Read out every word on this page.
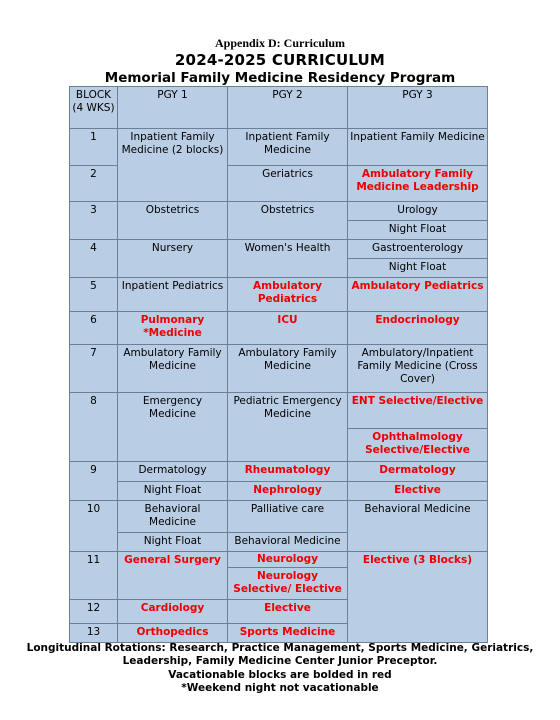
Appendix D: Curriculum
2024-2025 CURRICULUM
Memorial Family Medicine Residency Program
BLOCK (4 WKS)	PGY 1	PGY 2	PGY 3
1	Inpatient Family Medicine (2 blocks)	Inpatient Family Medicine	Inpatient Family Medicine
2		Geriatrics	Ambulatory Family Medicine Leadership
3	Obstetrics	Obstetrics	Urology
			Night Float
4	Nursery	Women's Health	Gastroenterology
			Night Float
5	Inpatient Pediatrics	Ambulatory Pediatrics	Ambulatory Pediatrics
6	Pulmonary *Medicine	ICU	Endocrinology
7	Ambulatory Family Medicine	Ambulatory Family Medicine	Ambulatory/Inpatient Family Medicine (Cross Cover)
8	Emergency Medicine	Pediatric Emergency Medicine	ENT Selective/Elective
			Ophthalmology Selective/Elective
9	Dermatology	Rheumatology	Dermatology
	Night Float	Nephrology	Elective
10	Behavioral Medicine	Palliative care	Behavioral Medicine
	Night Float	Behavioral Medicine	
11	General Surgery	Neurology	Elective (3 Blocks)
		Neurology Selective/ Elective	
12	Cardiology	Elective	
13	Orthopedics	Sports Medicine	
Longitudinal Rotations: Research, Practice Management, Sports Medicine, Geriatrics, Leadership, Family Medicine Center Junior Preceptor.
Vacationable blocks are bolded in red
*Weekend night not vacationable
